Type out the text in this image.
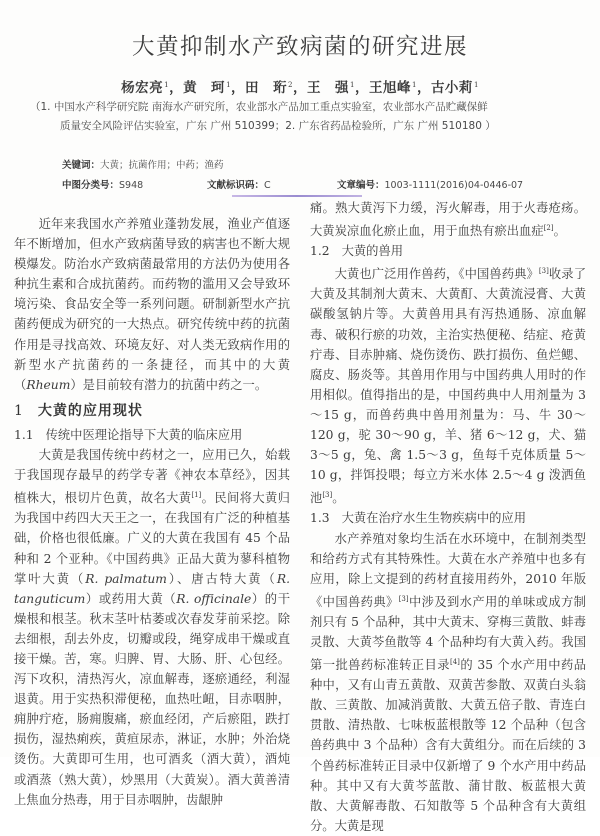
大黄抑制水产致病菌的研究进展
杨宏亮$^1$，黄　珂$^1$，田　珩$^2$，王　强$^1$，王旭峰$^1$，古小莉$^1$
（1. 中国水产科学研究院 南海水产研究所，农业部水产品加工重点实验室，农业部水产品贮藏保鲜
质量安全风险评估实验室，广东 广州 510399；2. 广东省药品检验所，广东 广州 510180 ）
关键词：大黄；抗菌作用；中药；渔药
中图分类号：S948	文献标识码：C	文章编号：1003-1111(2016)04-0446-07

近年来我国水产养殖业蓬勃发展，渔业产值逐年不断增加，但水产致病菌导致的病害也不断大规模爆发。防治水产致病菌最常用的方法仍为使用各种抗生素和合成抗菌药。而药物的滥用又会导致环境污染、食品安全等一系列问题。研制新型水产抗菌药便成为研究的一大热点。研究传统中药的抗菌作用是寻找高效、环境友好、对人类无致病作用的新型水产抗菌药的一条捷径，而其中的大黄（Rheum）是目前较有潜力的抗菌中药之一。

1 大黄的应用现状
1.1 传统中医理论指导下大黄的临床应用

大黄是我国传统中药材之一，应用已久，始载于我国现存最早的药学专著《神农本草经》，因其植株大，根切片色黄，故名大黄[1]。民间将大黄归为我国中药四大天王之一，在我国有广泛的种植基础，价格也很低廉。广义的大黄在我国有 45 个品种和 2 个亚种。《中国药典》正品大黄为蓼科植物掌叶大黄（R. palmatum）、唐古特大黄（R. tanguticum）或药用大黄（R. officinale）的干燥根和根茎。秋末茎叶枯萎或次春发芽前采挖。除去细根，刮去外皮，切瓣或段，绳穿成串干燥或直接干燥。苦，寒。归脾、胃、大肠、肝、心包经。泻下攻积，清热泻火，凉血解毒，逐瘀通经，利湿退黄。用于实热积滞便秘，血热吐衄，目赤咽肿，痈肿疔疮，肠痈腹痛，瘀血经闭，产后瘀阻，跌打损伤，湿热痢疾，黄疸尿赤，淋证，水肿；外治烧烫伤。大黄即可生用，也可酒炙（酒大黄），酒炖或酒蒸（熟大黄），炒黑用（大黄炭）。酒大黄善清上焦血分热毒，用于目赤咽肿，齿龈肿

痛。熟大黄泻下力缓，泻火解毒，用于火毒疮疡。大黄炭凉血化瘀止血，用于血热有瘀出血症[2]。

1.2 大黄的兽用

大黄也广泛用作兽药，《中国兽药典》[3]收录了大黄及其制剂大黄末、大黄酊、大黄流浸膏、大黄碳酸氢钠片等。大黄兽用具有泻热通肠、凉血解毒、破积行瘀的功效，主治实热便秘、结症、疮黄疔毒、目赤肿痛、烧伤烫伤、跌打损伤、鱼烂鳃、腐皮、肠炎等。其兽用作用与中国药典人用时的作用相似。值得指出的是，中国药典中人用剂量为 3～15 g，而兽药典中兽用剂量为：马、牛 30～120 g，驼 30～90 g，羊、猪 6～12 g，犬、猫 3～5 g，兔、禽 1.5～3 g，鱼每千克体质量 5～10 g，拌饵投喂；每立方米水体 2.5～4 g 泼洒鱼池[3]。

1.3 大黄在治疗水生生物疾病中的应用

水产养殖对象均生活在水环境中，在制剂类型和给药方式有其特殊性。大黄在水产养殖中也多有应用，除上文提到的药材直接用药外，2010 年版《中国兽药典》[3]中涉及到水产用的单味或成方制剂只有 5 个品种，其中大黄末、穿梅三黄散、蚌毒灵散、大黄芩鱼散等 4 个品种均有大黄入药。我国第一批兽药标准转正目录[4]的 35 个水产用中药品种中，又有山青五黄散、双黄苦参散、双黄白头翁散、三黄散、加减消黄散、大黄五倍子散、青连白贯散、清热散、七味板蓝根散等 12 个品种（包含兽药典中 3 个品种）含有大黄组分。而在后续的 3 个兽药标准转正目录中仅新增了 9 个水产用中药品种。其中又有大黄芩蓝散、蒲甘散、板蓝根大黄散、大黄解毒散、石知散等 5 个品种含有大黄组分。大黄是现
